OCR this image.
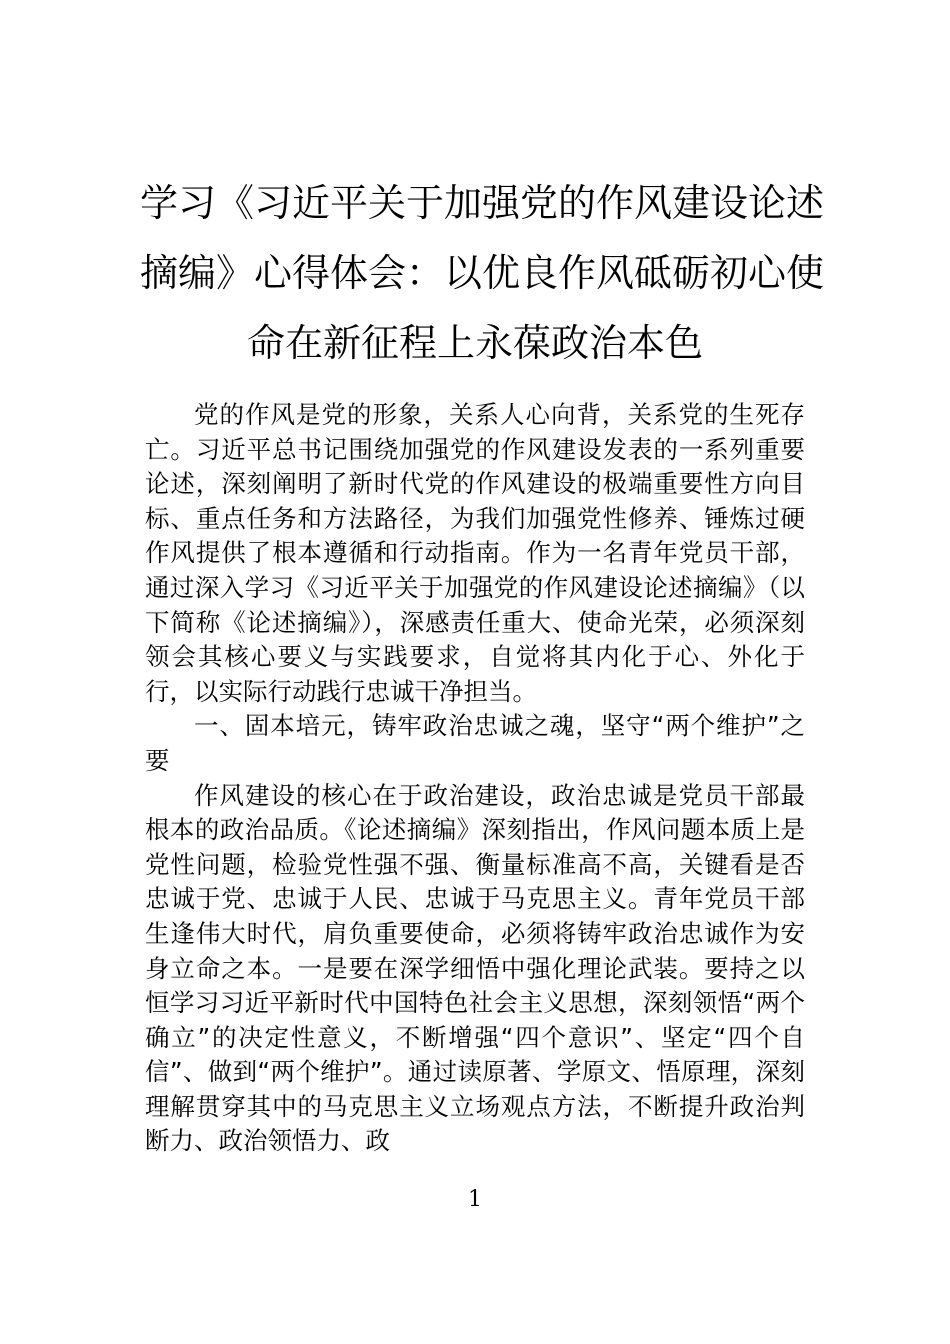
学习《习近平关于加强党的作风建设论述
摘编》心得体会：以优良作风砥砺初心使
命在新征程上永葆政治本色

党的作风是党的形象，关系人心向背，关系党的生死存亡。习近平总书记围绕加强党的作风建设发表的一系列重要论述，深刻阐明了新时代党的作风建设的极端重要性方向目标、重点任务和方法路径，为我们加强党性修养、锤炼过硬作风提供了根本遵循和行动指南。作为一名青年党员干部，通过深入学习《习近平关于加强党的作风建设论述摘编》（以下简称《论述摘编》），深感责任重大、使命光荣，必须深刻领会其核心要义与实践要求，自觉将其内化于心、外化于行，以实际行动践行忠诚干净担当。

一、固本培元，铸牢政治忠诚之魂，坚守“两个维护”之要

作风建设的核心在于政治建设，政治忠诚是党员干部最根本的政治品质。《论述摘编》深刻指出，作风问题本质上是党性问题，检验党性强不强、衡量标准高不高，关键看是否忠诚于党、忠诚于人民、忠诚于马克思主义。青年党员干部生逢伟大时代，肩负重要使命，必须将铸牢政治忠诚作为安身立命之本。一是要在深学细悟中强化理论武装。要持之以恒学习习近平新时代中国特色社会主义思想，深刻领悟“两个确立”的决定性意义，不断增强“四个意识”、坚定“四个自信”、做到“两个维护”。通过读原著、学原文、悟原理，深刻理解贯穿其中的马克思主义立场观点方法，不断提升政治判断力、政治领悟力、政

1
